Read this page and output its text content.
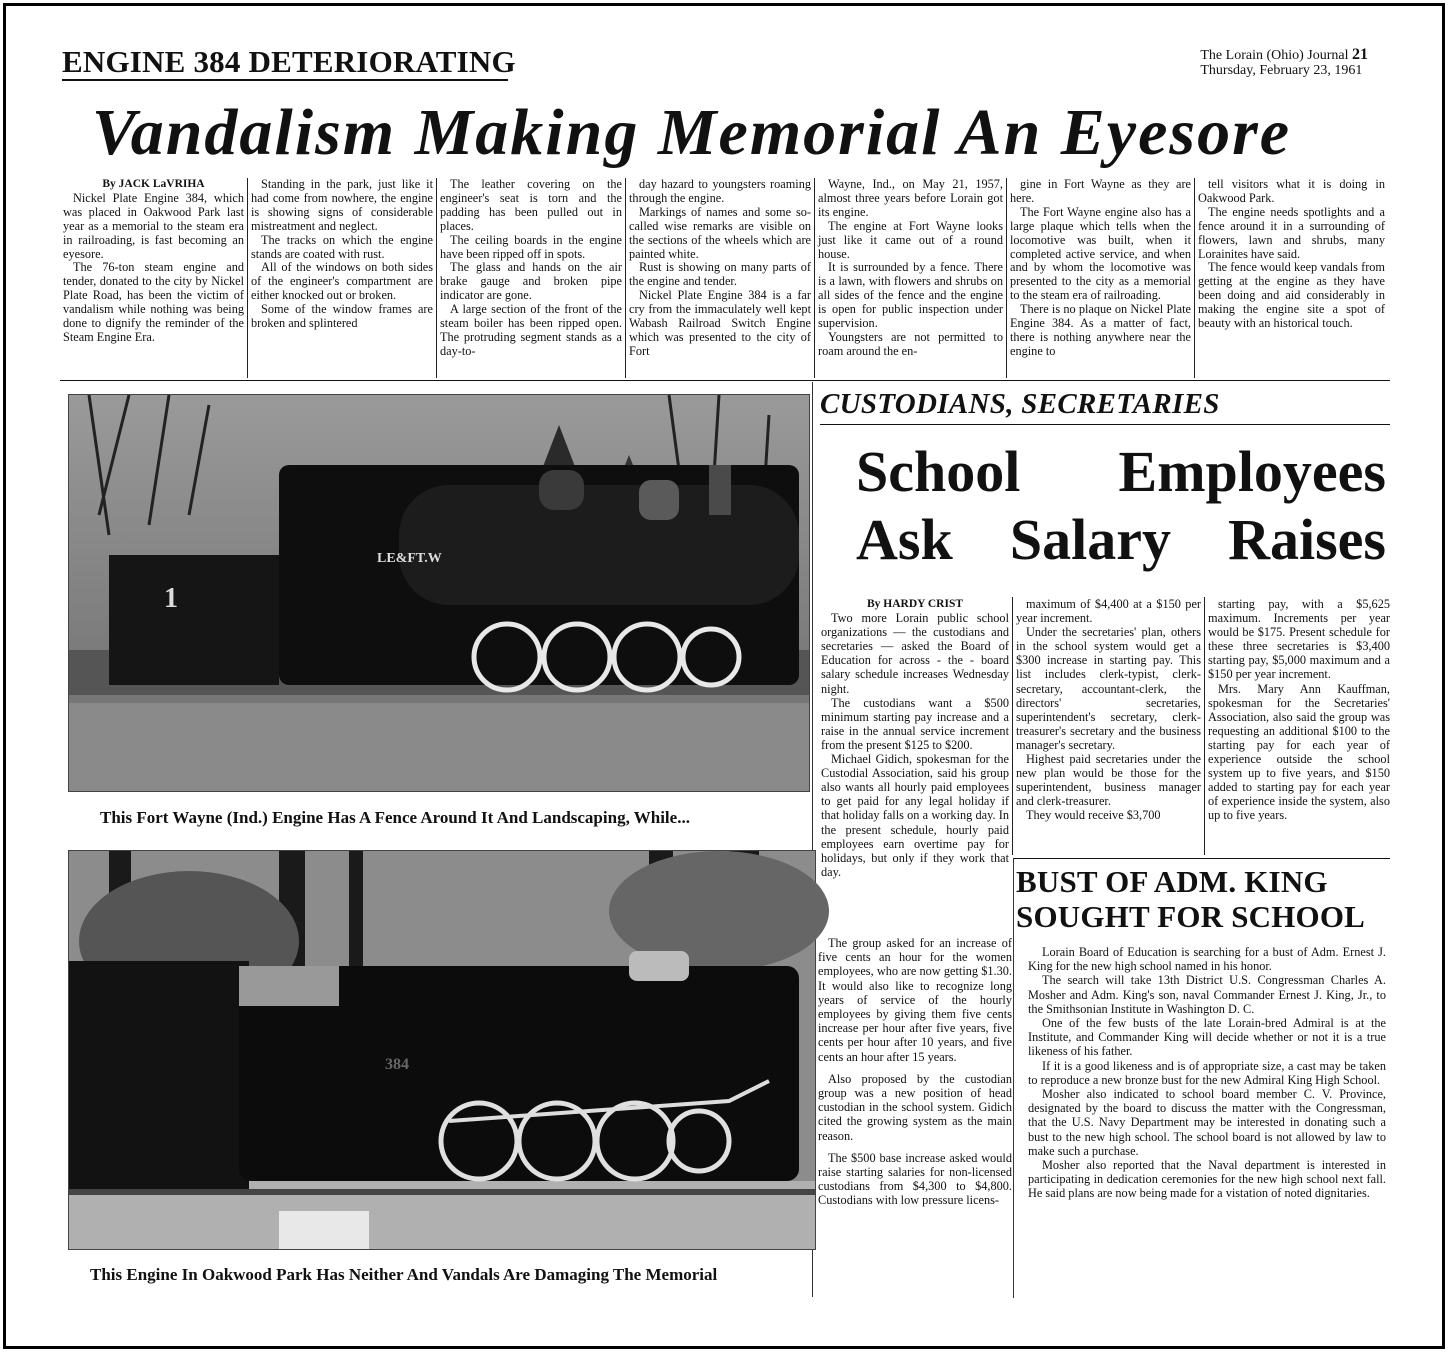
ENGINE 384 DETERIORATING	The Lorain (Ohio) Journal 21
Thursday, February 23, 1961
Vandalism Making Memorial An Eyesore

By JACK LaVRIHA

Nickel Plate Engine 384, which was placed in Oakwood Park last year as a memorial to the steam era in railroading, is fast becoming an eyesore.

The 76-ton steam engine and tender, donated to the city by Nickel Plate Road, has been the victim of vandalism while nothing was being done to dignify the reminder of the Steam Engine Era.

Standing in the park, just like it had come from nowhere, the engine is showing signs of considerable mistreatment and neglect.

The tracks on which the engine stands are coated with rust.

All of the windows on both sides of the engineer's compartment are either knocked out or broken.

Some of the window frames are broken and splintered

The leather covering on the engineer's seat is torn and the padding has been pulled out in places.

The ceiling boards in the engine have been ripped off in spots.

The glass and hands on the air brake gauge and broken pipe indicator are gone.

A large section of the front of the steam boiler has been ripped open. The protruding segment stands as a day-to-

day hazard to youngsters roaming through the engine.

Markings of names and some so-called wise remarks are visible on the sections of the wheels which are painted white.

Rust is showing on many parts of the engine and tender.

Nickel Plate Engine 384 is a far cry from the immaculately well kept Wabash Railroad Switch Engine which was presented to the city of Fort

Wayne, Ind., on May 21, 1957, almost three years before Lorain got its engine.

The engine at Fort Wayne looks just like it came out of a round house.

It is surrounded by a fence. There is a lawn, with flowers and shrubs on all sides of the fence and the engine is open for public inspection under supervision.

Youngsters are not permitted to roam around the en-

gine in Fort Wayne as they are here.

The Fort Wayne engine also has a large plaque which tells when the locomotive was built, when it completed active service, and when and by whom the locomotive was presented to the city as a memorial to the steam era of railroading.

There is no plaque on Nickel Plate Engine 384. As a matter of fact, there is nothing anywhere near the engine to

tell visitors what it is doing in Oakwood Park.

The engine needs spotlights and a fence around it in a surrounding of flowers, lawn and shrubs, many Lorainites have said.

The fence would keep vandals from getting at the engine as they have been doing and aid considerably in making the engine site a spot of beauty with an historical touch.

LE&FT.W
1
This Fort Wayne (Ind.) Engine Has A Fence Around It And Landscaping, While...
384
This Engine In Oakwood Park Has Neither And Vandals Are Damaging The Memorial
CUSTODIANS, SECRETARIES
School Employees
Ask Salary Raises

By HARDY CRIST

Two more Lorain public school organizations — the custodians and secretaries — asked the Board of Education for across - the - board salary schedule increases Wednesday night.

The custodians want a $500 minimum starting pay increase and a raise in the annual service increment from the present $125 to $200.

Michael Gidich, spokesman for the Custodial Association, said his group also wants all hourly paid employees to get paid for any legal holiday if that holiday falls on a working day. In the present schedule, hourly paid employees earn overtime pay for holidays, but only if they work that day.

maximum of $4,400 at a $150 per year increment.

Under the secretaries' plan, others in the school system would get a $300 increase in starting pay. This list includes clerk-typist, clerk-secretary, accountant-clerk, the directors' secretaries, superintendent's secretary, clerk-treasurer's secretary and the business manager's secretary.

Highest paid secretaries under the new plan would be those for the superintendent, business manager and clerk-treasurer.

They would receive $3,700

starting pay, with a $5,625 maximum. Increments per year would be $175. Present schedule for these three secretaries is $3,400 starting pay, $5,000 maximum and a $150 per year increment.

Mrs. Mary Ann Kauffman, spokesman for the Secretaries' Association, also said the group was requesting an additional $100 to the starting pay for each year of experience outside the school system up to five years, and $150 added to starting pay for each year of experience inside the system, also up to five years.

The group asked for an increase of five cents an hour for the women employees, who are now getting $1.30. It would also like to recognize long years of service of the hourly employees by giving them five cents increase per hour after five years, five cents per hour after 10 years, and five cents an hour after 15 years.

Also proposed by the custodian group was a new position of head custodian in the school system. Gidich cited the growing system as the main reason.

The $500 base increase asked would raise starting salaries for non-licensed custodians from $4,300 to $4,800. Custodians with low pressure licens-

BUST OF ADM. KING
SOUGHT FOR SCHOOL

Lorain Board of Education is searching for a bust of Adm. Ernest J. King for the new high school named in his honor.

The search will take 13th District U.S. Congressman Charles A. Mosher and Adm. King's son, naval Commander Ernest J. King, Jr., to the Smithsonian Institute in Washington D. C.

One of the few busts of the late Lorain-bred Admiral is at the Institute, and Commander King will decide whether or not it is a true likeness of his father.

If it is a good likeness and is of appropriate size, a cast may be taken to reproduce a new bronze bust for the new Admiral King High School.

Mosher also indicated to school board member C. V. Province, designated by the board to discuss the matter with the Congressman, that the U.S. Navy Department may be interested in donating such a bust to the new high school. The school board is not allowed by law to make such a purchase.

Mosher also reported that the Naval department is interested in participating in dedication ceremonies for the new high school next fall. He said plans are now being made for a vistation of noted dignitaries.
